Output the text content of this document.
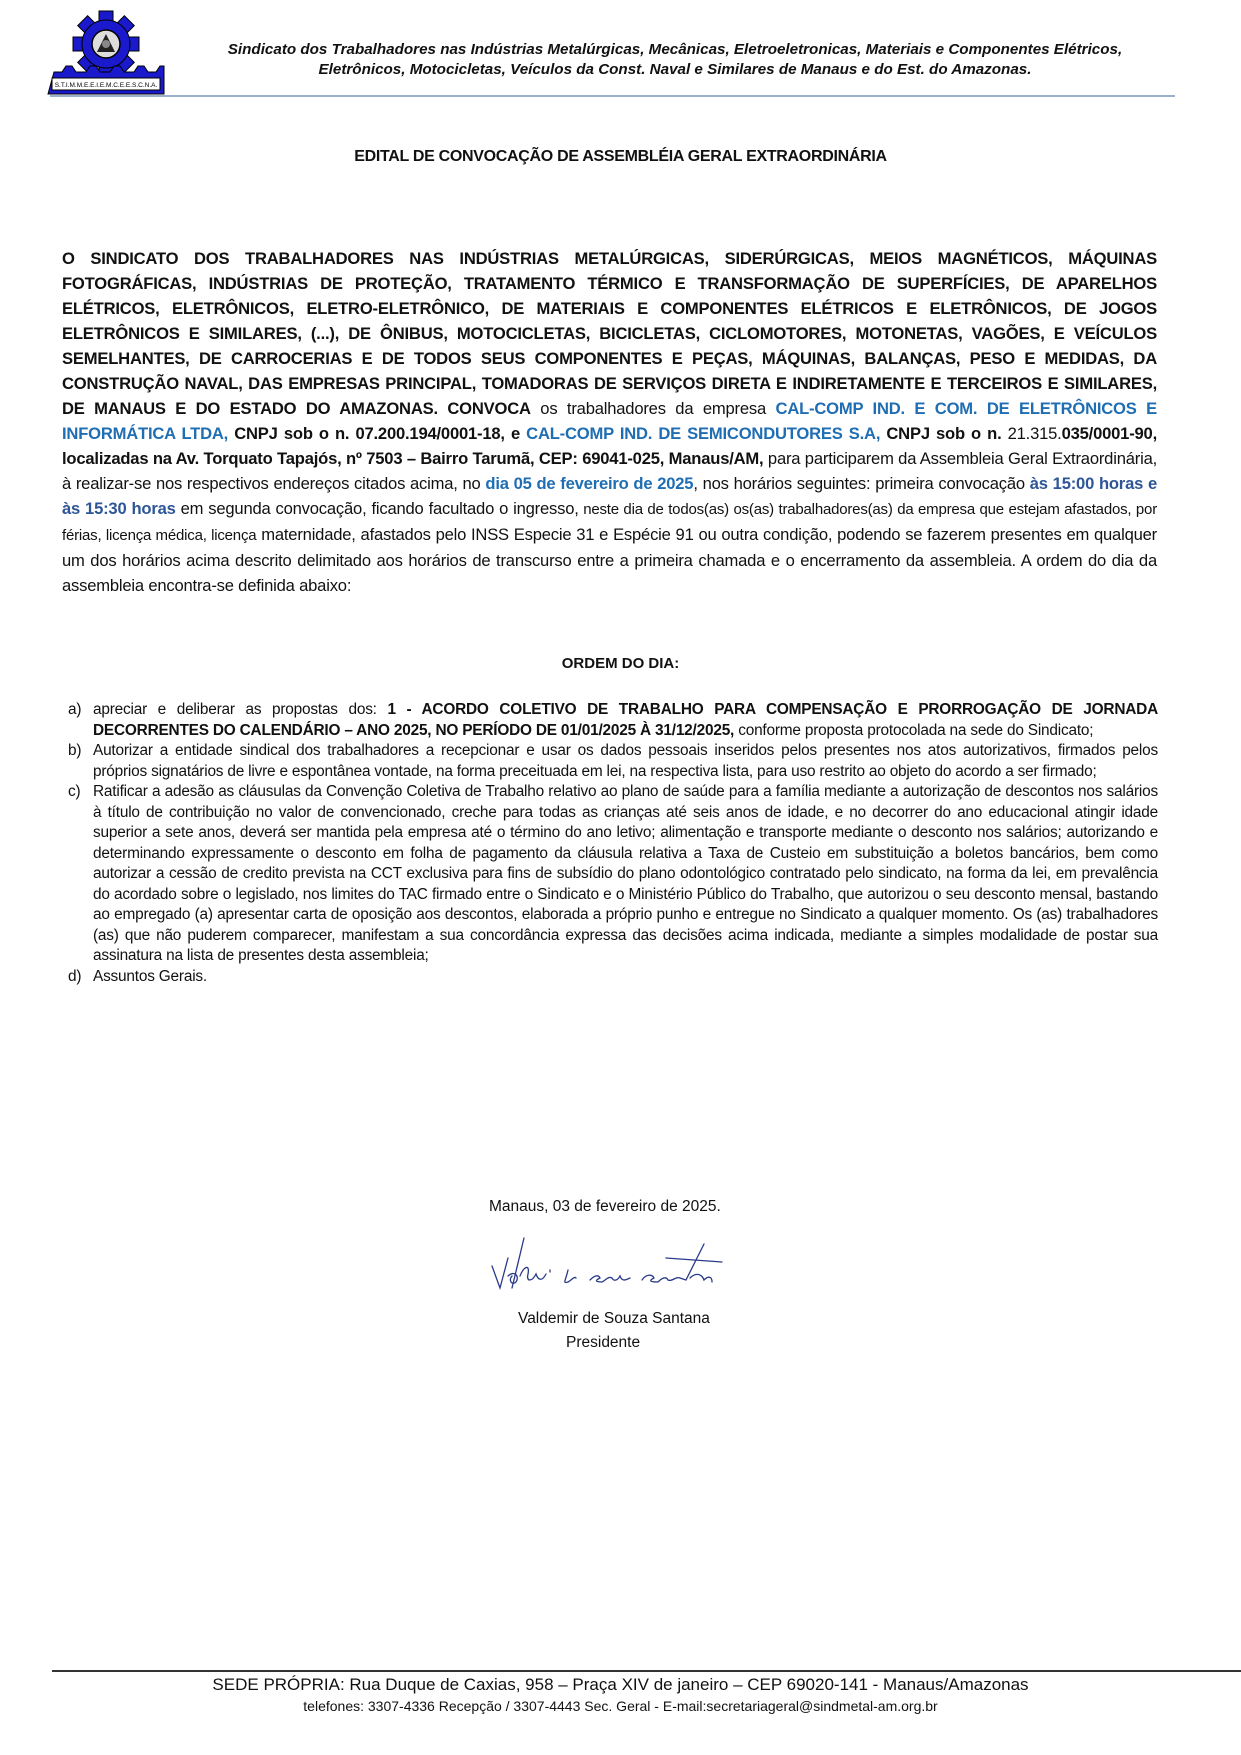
S.T.I.M.M.E.E.I.E.M.C.E.E.S.C.N.A.
Sindicato dos Trabalhadores nas Indústrias Metalúrgicas, Mecânicas, Eletroeletronicas, Materiais e Componentes Elétricos,
Eletrônicos, Motocicletas, Veículos da Const. Naval e Similares de Manaus e do Est. do Amazonas.
EDITAL DE CONVOCAÇÃO DE ASSEMBLÉIA GERAL EXTRAORDINÁRIA
O SINDICATO DOS TRABALHADORES NAS INDÚSTRIAS METALÚRGICAS, SIDERÚRGICAS, MEIOS MAGNÉTICOS, MÁQUINAS FOTOGRÁFICAS, INDÚSTRIAS DE PROTEÇÃO, TRATAMENTO TÉRMICO E TRANSFORMAÇÃO DE SUPERFÍCIES, DE APARELHOS ELÉTRICOS, ELETRÔNICOS, ELETRO-ELETRÔNICO, DE MATERIAIS E COMPONENTES ELÉTRICOS E ELETRÔNICOS, DE JOGOS ELETRÔNICOS E SIMILARES, (...), DE ÔNIBUS, MOTOCICLETAS, BICICLETAS, CICLOMOTORES, MOTONETAS, VAGÕES, E VEÍCULOS SEMELHANTES, DE CARROCERIAS E DE TODOS SEUS COMPONENTES E PEÇAS, MÁQUINAS, BALANÇAS, PESO E MEDIDAS, DA CONSTRUÇÃO NAVAL, DAS EMPRESAS PRINCIPAL, TOMADORAS DE SERVIÇOS DIRETA E INDIRETAMENTE E TERCEIROS E SIMILARES, DE MANAUS E DO ESTADO DO AMAZONAS. CONVOCA os trabalhadores da empresa CAL-COMP IND. E COM. DE ELETRÔNICOS E INFORMÁTICA LTDA, CNPJ sob o n. 07.200.194/0001-18, e CAL-COMP IND. DE SEMICONDUTORES S.A, CNPJ sob o n. 21.315.035/0001-90, localizadas na Av. Torquato Tapajós, nº 7503 – Bairro Tarumã, CEP: 69041-025, Manaus/AM, para participarem da Assembleia Geral Extraordinária, à realizar-se nos respectivos endereços citados acima, no dia 05 de fevereiro de 2025, nos horários seguintes: primeira convocação às 15:00 horas e às 15:30 horas em segunda convocação, ficando facultado o ingresso, neste dia de todos(as) os(as) trabalhadores(as) da empresa que estejam afastados, por férias, licença médica, licença maternidade, afastados pelo INSS Especie 31 e Espécie 91 ou outra condição, podendo se fazerem presentes em qualquer um dos horários acima descrito delimitado aos horários de transcurso entre a primeira chamada e o encerramento da assembleia. A ordem do dia da assembleia encontra-se definida abaixo:
ORDEM DO DIA:
a) apreciar e deliberar as propostas dos: 1 - ACORDO COLETIVO DE TRABALHO PARA COMPENSAÇÃO E PRORROGAÇÃO DE JORNADA DECORRENTES DO CALENDÁRIO – ANO 2025, NO PERÍODO DE 01/01/2025 À 31/12/2025, conforme proposta protocolada na sede do Sindicato;
b) Autorizar a entidade sindical dos trabalhadores a recepcionar e usar os dados pessoais inseridos pelos presentes nos atos autorizativos, firmados pelos próprios signatários de livre e espontânea vontade, na forma preceituada em lei, na respectiva lista, para uso restrito ao objeto do acordo a ser firmado;
c) Ratificar a adesão as cláusulas da Convenção Coletiva de Trabalho relativo ao plano de saúde para a família mediante a autorização de descontos nos salários à título de contribuição no valor de convencionado, creche para todas as crianças até seis anos de idade, e no decorrer do ano educacional atingir idade superior a sete anos, deverá ser mantida pela empresa até o término do ano letivo; alimentação e transporte mediante o desconto nos salários; autorizando e determinando expressamente o desconto em folha de pagamento da cláusula relativa a Taxa de Custeio em substituição a boletos bancários, bem como autorizar a cessão de credito prevista na CCT exclusiva para fins de subsídio do plano odontológico contratado pelo sindicato, na forma da lei, em prevalência do acordado sobre o legislado, nos limites do TAC firmado entre o Sindicato e o Ministério Público do Trabalho, que autorizou o seu desconto mensal, bastando ao empregado (a) apresentar carta de oposição aos descontos, elaborada a próprio punho e entregue no Sindicato a qualquer momento. Os (as) trabalhadores (as) que não puderem comparecer, manifestam a sua concordância expressa das decisões acima indicada, mediante a simples modalidade de postar sua assinatura na lista de presentes desta assembleia;
d) Assuntos Gerais.
Manaus, 03 de fevereiro de 2025.
Valdemir de Souza Santana
Presidente
SEDE PRÓPRIA: Rua Duque de Caxias, 958 – Praça XIV de janeiro – CEP 69020-141 - Manaus/Amazonas
telefones: 3307-4336 Recepção / 3307-4443 Sec. Geral - E-mail:secretariageral@sindmetal-am.org.br
